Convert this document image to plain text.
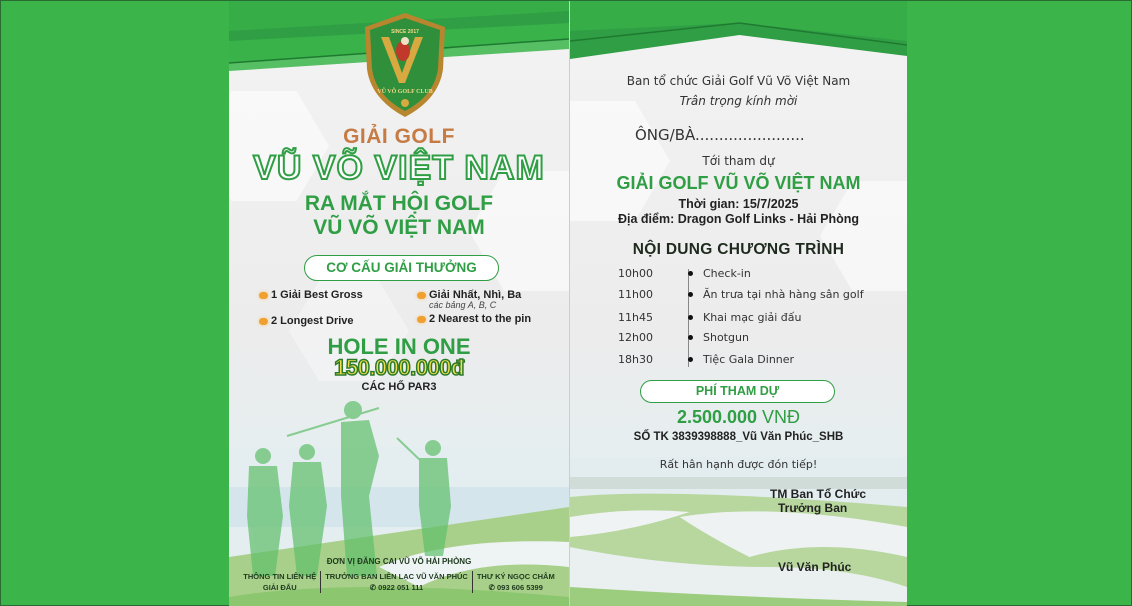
SINCE 2017
VŨ VÕ GOLF CLUB
GIẢI GOLF
VŨ VÕ VIỆT NAM
RA MẮT HỘI GOLF
VŨ VÕ VIỆT NAM
CƠ CẤU GIẢI THƯỞNG
1 Giải Best Gross	Giải Nhất, Nhì, Ba
các bảng A, B, C
2 Longest Drive	2 Nearest to the pin
HOLE IN ONE
150.000.000đ
CÁC HỐ PAR3
ĐƠN VỊ ĐĂNG CAI VŨ VÕ HẢI PHÒNG
THÔNG TIN LIÊN HỆ
GIẢI ĐẤU
TRƯỞNG BAN LIÊN LẠC VŨ VĂN PHÚC
✆ 0922 051 111
THƯ KÝ NGỌC CHÂM
✆ 093 606 5399
Ban tổ chức Giải Golf Vũ Võ Việt Nam
Trân trọng kính mời
ÔNG/BÀ.......................
Tới tham dự
GIẢI GOLF VŨ VÕ VIỆT NAM
Thời gian: 15/7/2025
Địa điểm: Dragon Golf Links - Hải Phòng
NỘI DUNG CHƯƠNG TRÌNH
10h00	Check-in
11h00	Ăn trưa tại nhà hàng sân golf
11h45	Khai mạc giải đấu
12h00	Shotgun
18h30	Tiệc Gala Dinner
PHÍ THAM DỰ
2.500.000 VNĐ
SỐ TK 3839398888_Vũ Văn Phúc_SHB
Rất hân hạnh được đón tiếp!
TM Ban Tổ Chức
Trưởng Ban
Vũ Văn Phúc
